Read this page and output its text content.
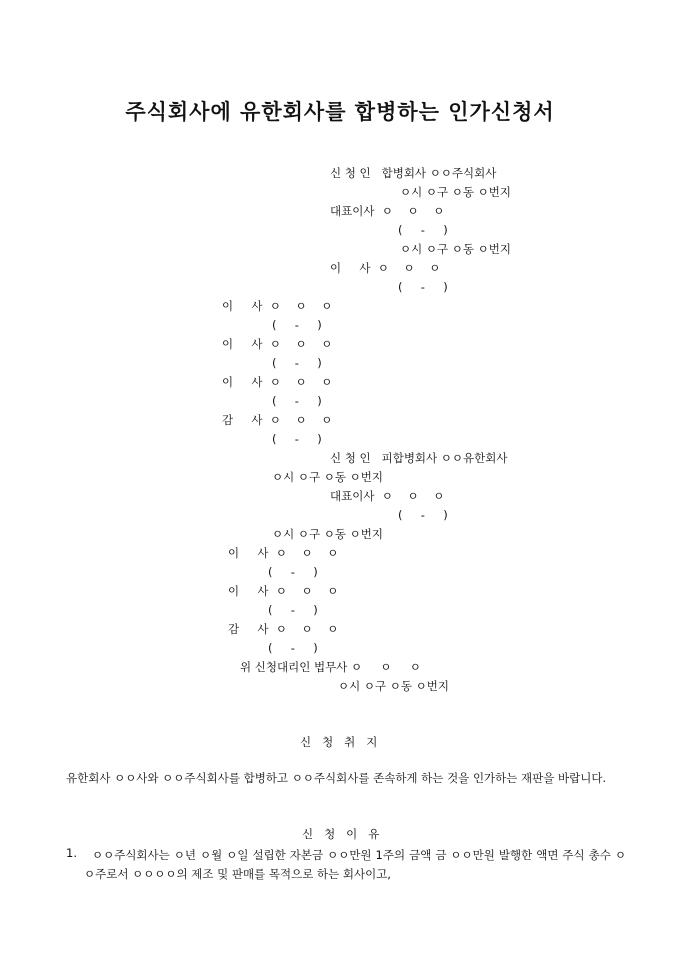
주식회사에 유한회사를 합병하는 인가신청서
신 청 인   합병회사 ㅇㅇ주식회사
ㅇ시 ㅇ구 ㅇ동 ㅇ번지
대표이사  ㅇ    ㅇ    ㅇ
(     -     )
ㅇ시 ㅇ구 ㅇ동 ㅇ번지
이     사  ㅇ    ㅇ    ㅇ
(     -     )
이     사  ㅇ    ㅇ    ㅇ
(     -     )
이     사  ㅇ    ㅇ    ㅇ
(     -     )
이     사  ㅇ    ㅇ    ㅇ
(     -     )
감     사  ㅇ    ㅇ    ㅇ
(     -     )
신 청 인   피합병회사 ㅇㅇ유한회사
ㅇ시 ㅇ구 ㅇ동 ㅇ번지
대표이사  ㅇ    ㅇ    ㅇ
(     -     )
ㅇ시 ㅇ구 ㅇ동 ㅇ번지
이     사  ㅇ    ㅇ    ㅇ
(     -     )
이     사  ㅇ    ㅇ    ㅇ
(     -     )
감     사  ㅇ    ㅇ    ㅇ
(     -     )
위 신청대리인 법무사 ㅇ     ㅇ     ㅇ
ㅇ시 ㅇ구 ㅇ동 ㅇ번지
신   청   취   지
유한회사 ㅇㅇ사와 ㅇㅇ주식회사를 합병하고 ㅇㅇ주식회사를 존속하게 하는 것을 인가하는 재판을 바랍니다.
신   청   이   유
1.	ㅇㅇ주식회사는 ㅇ년 ㅇ월 ㅇ일 설립한 자본금 ㅇㅇ만원 1주의 금액 금 ㅇㅇ만원 발행한 액면 주식 총수 ㅇㅇ주로서 ㅇㅇㅇㅇ의 제조 및 판매를 목적으로 하는 회사이고,
